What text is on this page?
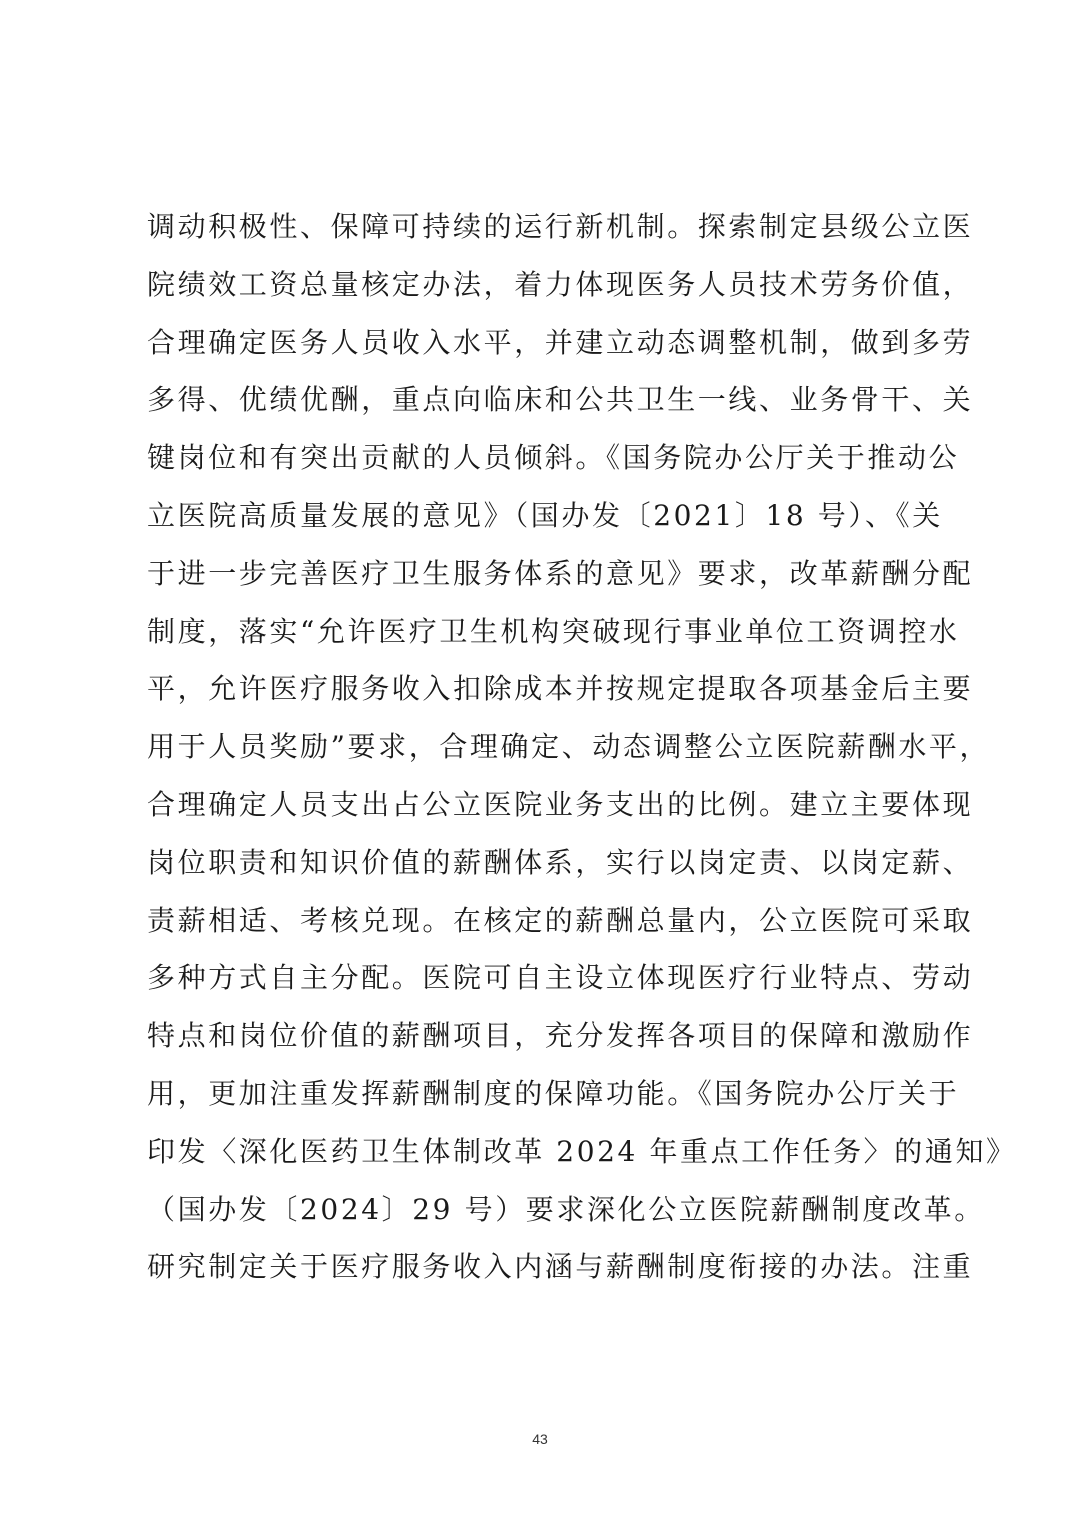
调动积极性、保障可持续的运行新机制。探索制定县级公立医
院绩效工资总量核定办法，着力体现医务人员技术劳务价值，
合理确定医务人员收入水平，并建立动态调整机制，做到多劳
多得、优绩优酬，重点向临床和公共卫生一线、业务骨干、关
键岗位和有突出贡献的人员倾斜。《国务院办公厅关于推动公
立医院高质量发展的意见》（国办发〔2021〕18 号）、《关
于进一步完善医疗卫生服务体系的意见》要求，改革薪酬分配
制度，落实“允许医疗卫生机构突破现行事业单位工资调控水
平，允许医疗服务收入扣除成本并按规定提取各项基金后主要
用于人员奖励”要求，合理确定、动态调整公立医院薪酬水平，
合理确定人员支出占公立医院业务支出的比例。建立主要体现
岗位职责和知识价值的薪酬体系，实行以岗定责、以岗定薪、
责薪相适、考核兑现。在核定的薪酬总量内，公立医院可采取
多种方式自主分配。医院可自主设立体现医疗行业特点、劳动
特点和岗位价值的薪酬项目，充分发挥各项目的保障和激励作
用，更加注重发挥薪酬制度的保障功能。《国务院办公厅关于
印发〈深化医药卫生体制改革 2024 年重点工作任务〉的通知》
（国办发〔2024〕29 号）要求深化公立医院薪酬制度改革。
研究制定关于医疗服务收入内涵与薪酬制度衔接的办法。注重
43
